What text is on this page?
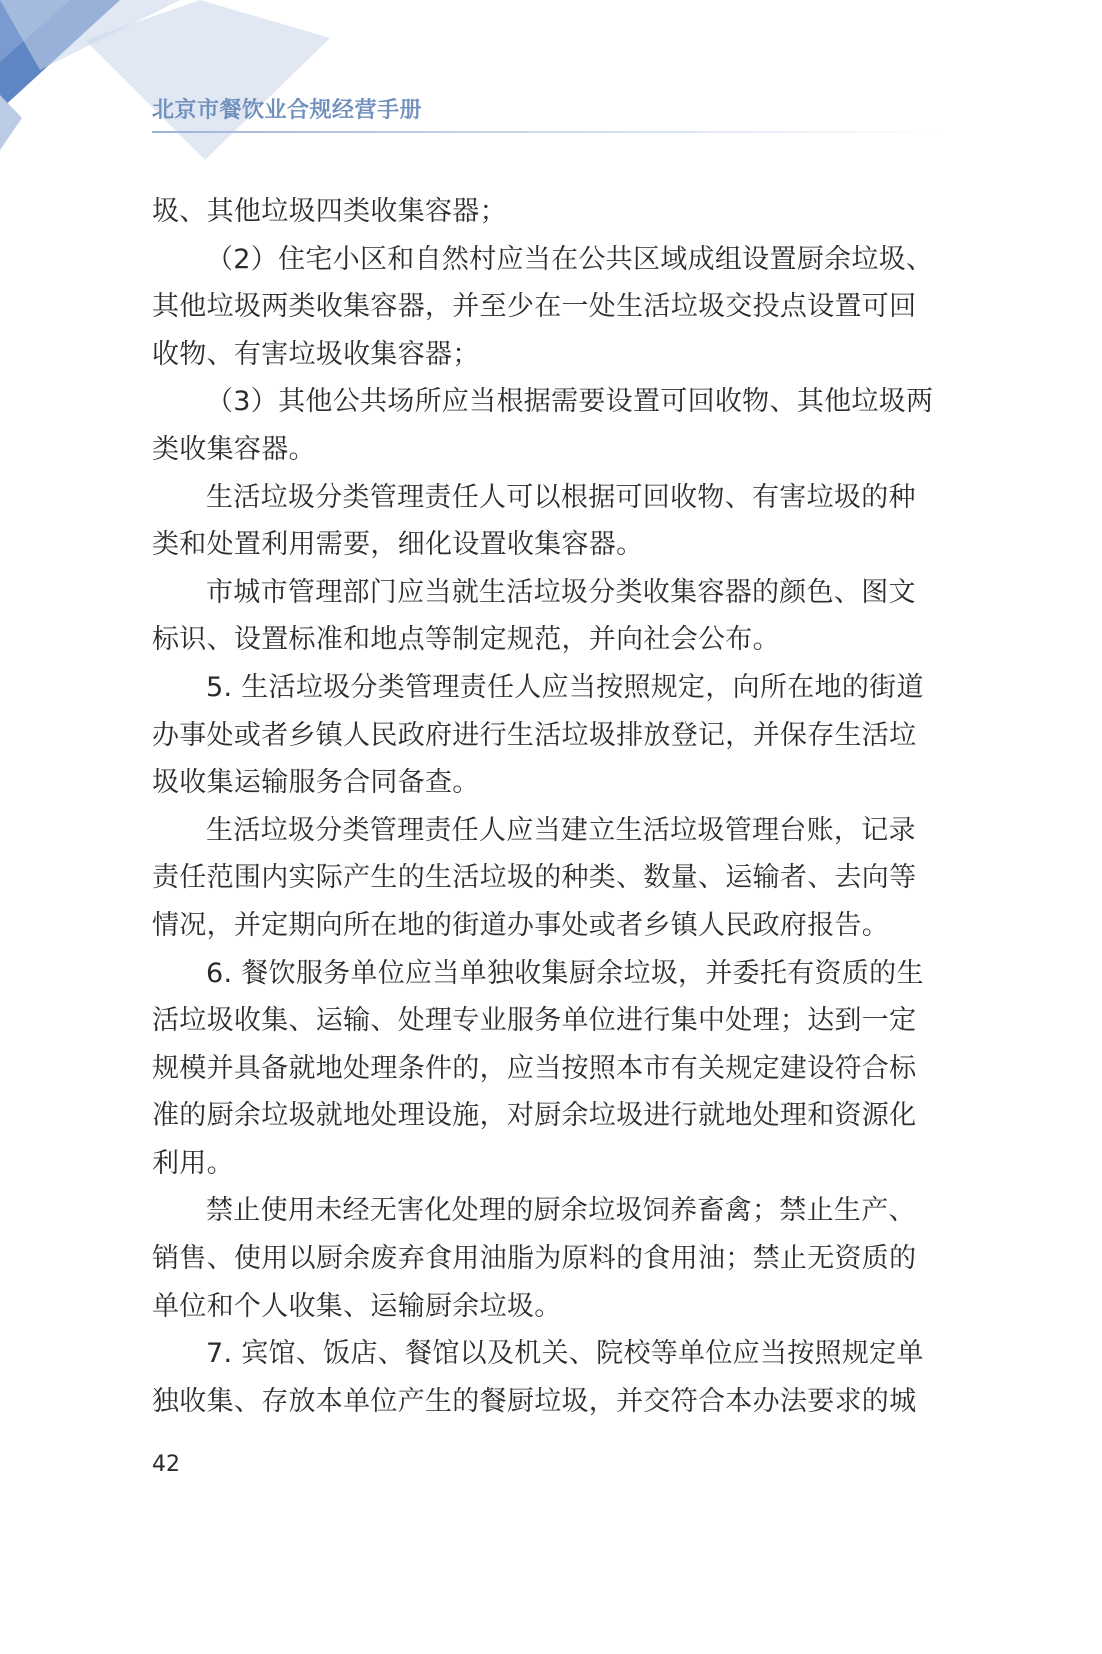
北京市餐饮业合规经营手册

圾、其他垃圾四类收集容器；

（2）住宅小区和自然村应当在公共区域成组设置厨余垃圾、其他垃圾两类收集容器，并至少在一处生活垃圾交投点设置可回收物、有害垃圾收集容器；

（3）其他公共场所应当根据需要设置可回收物、其他垃圾两类收集容器。

生活垃圾分类管理责任人可以根据可回收物、有害垃圾的种类和处置利用需要，细化设置收集容器。

市城市管理部门应当就生活垃圾分类收集容器的颜色、图文标识、设置标准和地点等制定规范，并向社会公布。

5. 生活垃圾分类管理责任人应当按照规定，向所在地的街道办事处或者乡镇人民政府进行生活垃圾排放登记，并保存生活垃圾收集运输服务合同备查。

生活垃圾分类管理责任人应当建立生活垃圾管理台账，记录责任范围内实际产生的生活垃圾的种类、数量、运输者、去向等情况，并定期向所在地的街道办事处或者乡镇人民政府报告。

6. 餐饮服务单位应当单独收集厨余垃圾，并委托有资质的生活垃圾收集、运输、处理专业服务单位进行集中处理；达到一定规模并具备就地处理条件的，应当按照本市有关规定建设符合标准的厨余垃圾就地处理设施，对厨余垃圾进行就地处理和资源化利用。

禁止使用未经无害化处理的厨余垃圾饲养畜禽；禁止生产、销售、使用以厨余废弃食用油脂为原料的食用油；禁止无资质的单位和个人收集、运输厨余垃圾。

7. 宾馆、饭店、餐馆以及机关、院校等单位应当按照规定单独收集、存放本单位产生的餐厨垃圾，并交符合本办法要求的城

42
